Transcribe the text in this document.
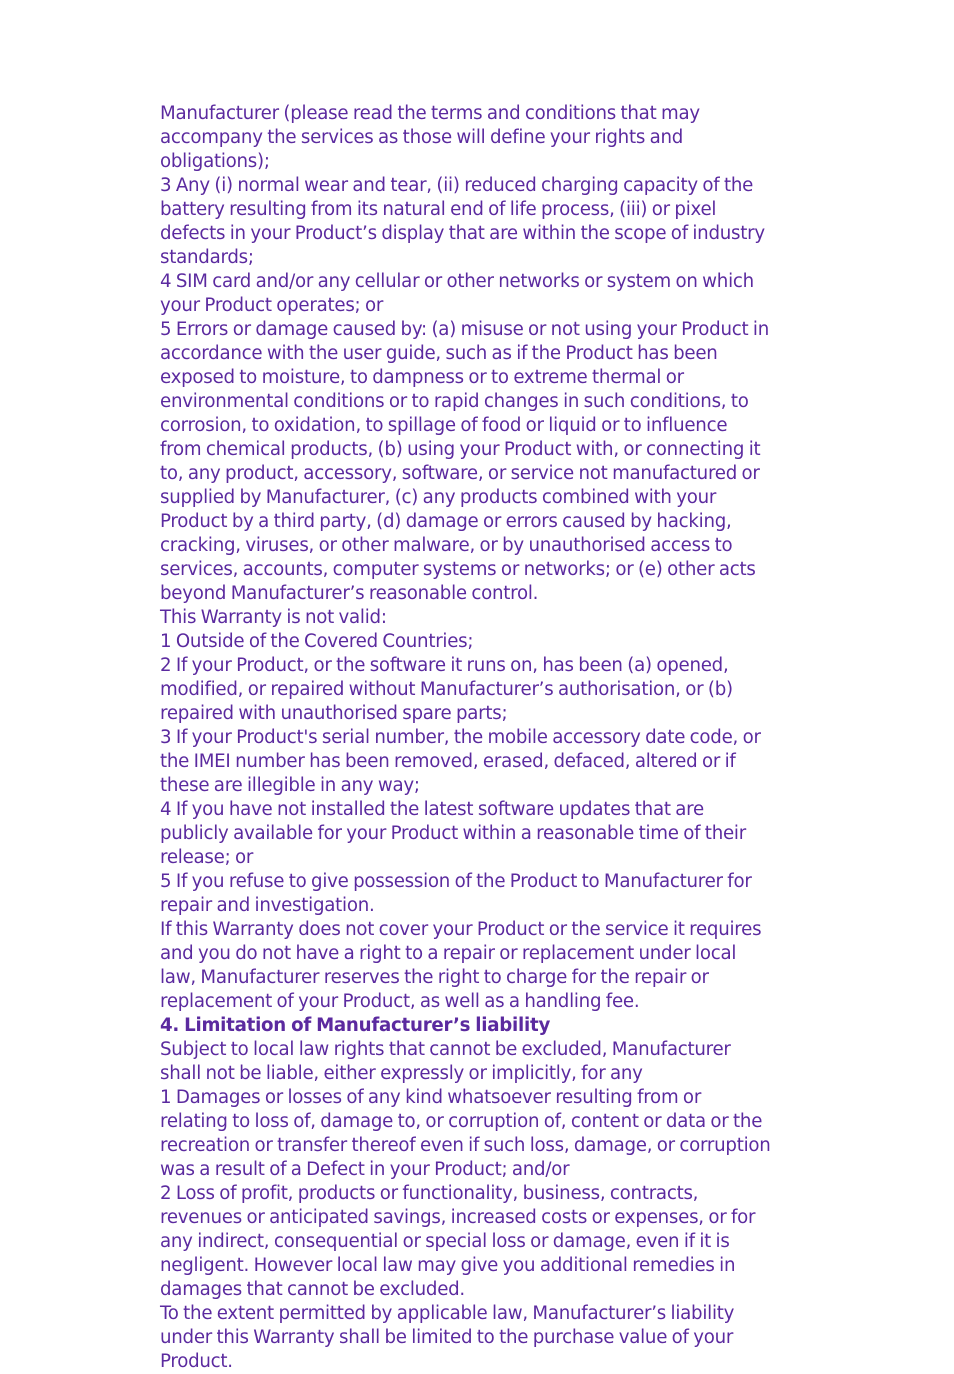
Manufacturer (please read the terms and conditions that may accompany the services as those will define your rights and obligations);

3 Any (i) normal wear and tear, (ii) reduced charging capacity of the battery resulting from its natural end of life process, (iii) or pixel defects in your Product’s display that are within the scope of industry standards;

4 SIM card and/or any cellular or other networks or system on which your Product operates; or

5 Errors or damage caused by: (a) misuse or not using your Product in accordance with the user guide, such as if the Product has been exposed to moisture, to dampness or to extreme thermal or environmental conditions or to rapid changes in such conditions, to corrosion, to oxidation, to spillage of food or liquid or to influence from chemical products, (b) using your Product with, or connecting it to, any product, accessory, software, or service not manufactured or supplied by Manufacturer, (c) any products combined with your Product by a third party, (d) damage or errors caused by hacking, cracking, viruses, or other malware, or by unauthorised access to services, accounts, computer systems or networks; or (e) other acts beyond Manufacturer’s reasonable control.

This Warranty is not valid:

1 Outside of the Covered Countries;

2 If your Product, or the software it runs on, has been (a) opened, modified, or repaired without Manufacturer’s authorisation, or (b) repaired with unauthorised spare parts;

3 If your Product's serial number, the mobile accessory date code, or the IMEI number has been removed, erased, defaced, altered or if these are illegible in any way;

4 If you have not installed the latest software updates that are publicly available for your Product within a reasonable time of their release; or

5 If you refuse to give possession of the Product to Manufacturer for repair and investigation.

If this Warranty does not cover your Product or the service it requires and you do not have a right to a repair or replacement under local law, Manufacturer reserves the right to charge for the repair or replacement of your Product, as well as a handling fee.

4. Limitation of Manufacturer’s liability

Subject to local law rights that cannot be excluded, Manufacturer shall not be liable, either expressly or implicitly, for any

1 Damages or losses of any kind whatsoever resulting from or relating to loss of, damage to, or corruption of, content or data or the recreation or transfer thereof even if such loss, damage, or corruption was a result of a Defect in your Product; and/or

2 Loss of profit, products or functionality, business, contracts, revenues or anticipated savings, increased costs or expenses, or for any indirect, consequential or special loss or damage, even if it is negligent. However local law may give you additional remedies in damages that cannot be excluded.

To the extent permitted by applicable law, Manufacturer’s liability under this Warranty shall be limited to the purchase value of your Product.
